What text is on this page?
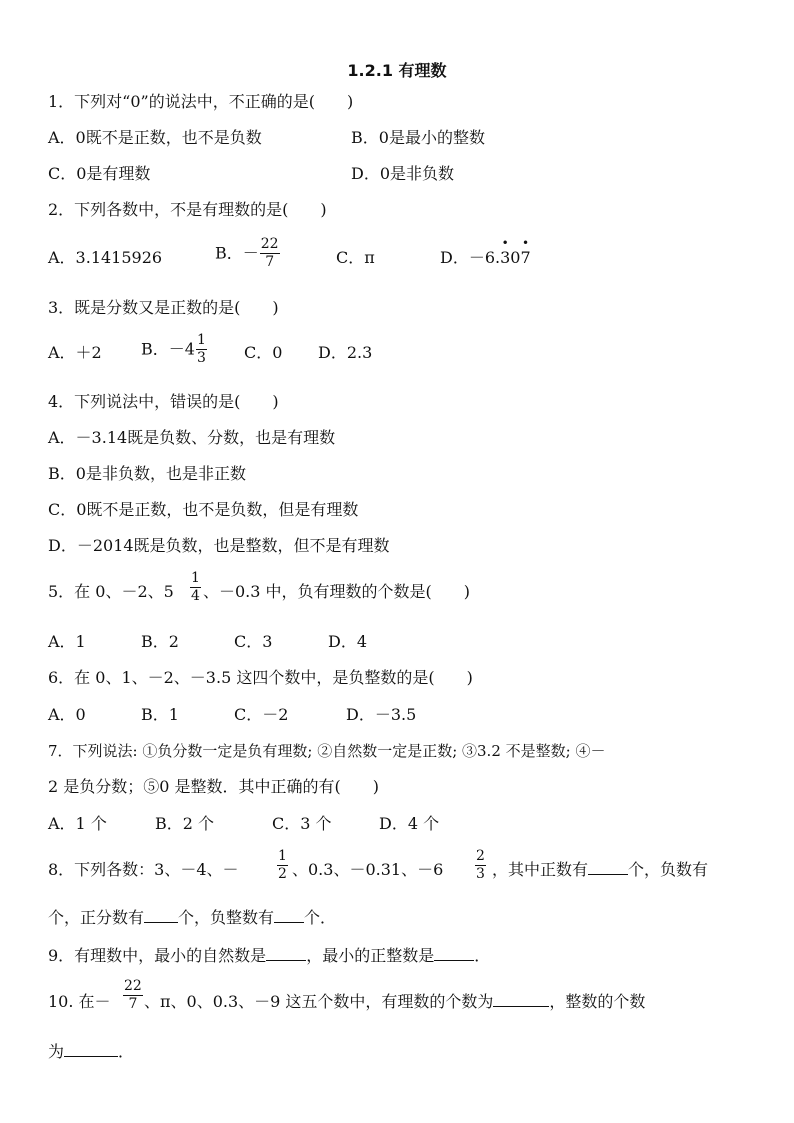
1.2.1 有理数
1．下列对“0”的说法中，不正确的是(　　)
A．0既不是正数，也不是负数	B．0是最小的整数
C．0是有理数	D．0是非负数
2．下列各数中，不是有理数的是(　　)
A．3.1415926	B．－ $\frac{22}{7}$	C．π	D．－6.
•
30
•
7
3．既是分数又是正数的是(　　)
A．＋2 B．$-4 \frac{1}{3}$ C．0 D．2.3
4．下列说法中，错误的是(　　)
A．－3.14既是负数、分数，也是有理数
B．0是非负数，也是非正数
C．0既不是正数，也不是负数，但是有理数
D．－2014既是负数，也是整数，但不是有理数
5．在 0、－2、$5 \frac{1}{4}$ 、－0.3 中，负有理数的个数是(　　)
A．1	B．2	C．3	D．4
6．在 0、1、－2、－3.5 这四个数中，是负整数的是(　　)
A．0	B．1	C．－2	D．－3.5
7．下列说法: ①负分数一定是负有理数; ②自然数一定是正数; ③3.2 不是整数; ④－
2 是负分数；⑤0 是整数．其中正确的有(　　)
A．1 个	B．2 个	C．3 个	D．4 个
8．下列各数：3、－4、－	$\frac{1}{2}$ 、0.3、－0.31、$-6 \frac{2}{3}$ ，其中正数有	个，负数有
个，正分数有 个，负整数有 个．
9．有理数中，最小的自然数是	，最小的正整数是	．
10. 在－ $\frac{22}{7}$ 、π、0、0.3、－9 这五个数中，有理数的个数为	，整数的个数
为	．
